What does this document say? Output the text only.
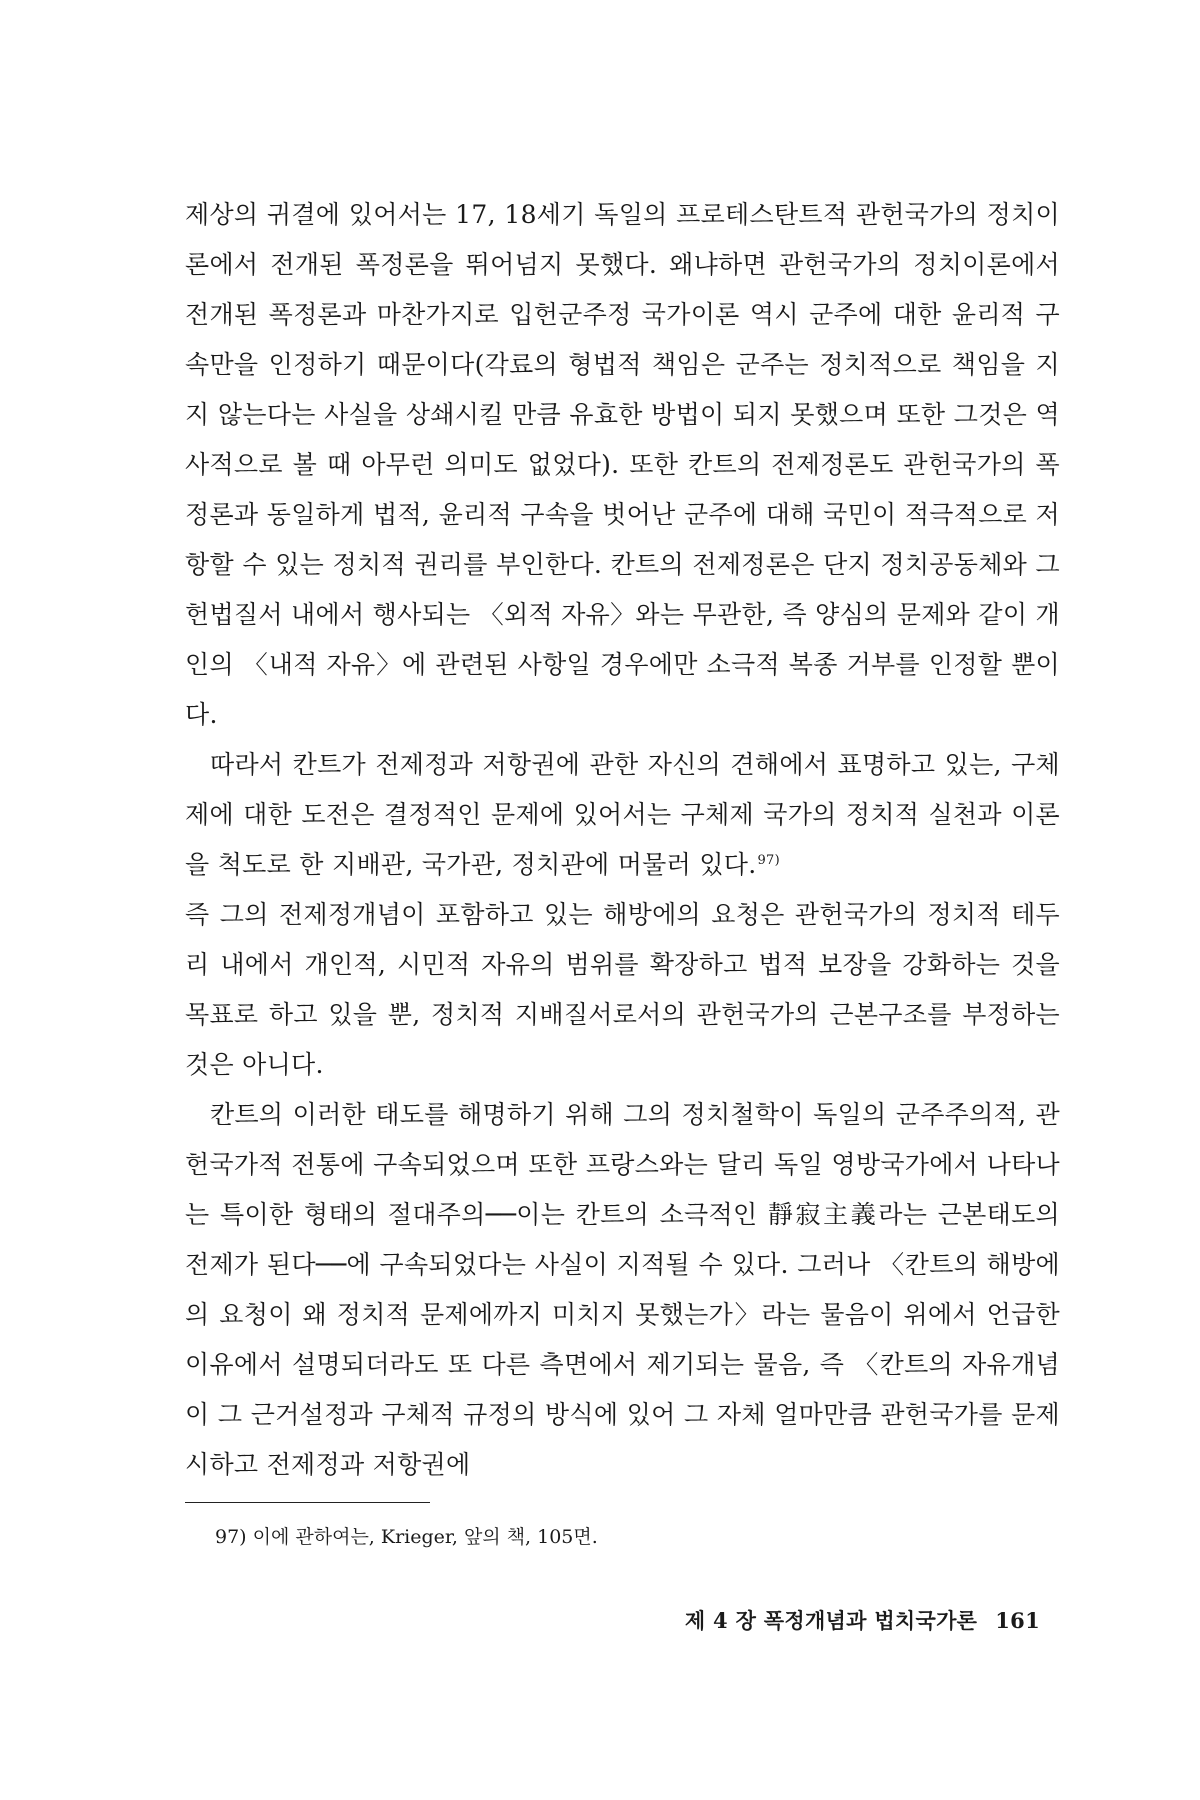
제상의 귀결에 있어서는 17, 18세기 독일의 프로테스탄트적 관헌국가의 정치이론에서 전개된 폭정론을 뛰어넘지 못했다. 왜냐하면 관헌국가의 정치이론에서 전개된 폭정론과 마찬가지로 입헌군주정 국가이론 역시 군주에 대한 윤리적 구속만을 인정하기 때문이다(각료의 형법적 책임은 군주는 정치적으로 책임을 지지 않는다는 사실을 상쇄시킬 만큼 유효한 방법이 되지 못했으며 또한 그것은 역사적으로 볼 때 아무런 의미도 없었다). 또한 칸트의 전제정론도 관헌국가의 폭정론과 동일하게 법적, 윤리적 구속을 벗어난 군주에 대해 국민이 적극적으로 저항할 수 있는 정치적 권리를 부인한다. 칸트의 전제정론은 단지 정치공동체와 그 헌법질서 내에서 행사되는 〈외적 자유〉와는 무관한, 즉 양심의 문제와 같이 개인의 〈내적 자유〉에 관련된 사항일 경우에만 소극적 복종 거부를 인정할 뿐이다.

따라서 칸트가 전제정과 저항권에 관한 자신의 견해에서 표명하고 있는, 구체제에 대한 도전은 결정적인 문제에 있어서는 구체제 국가의 정치적 실천과 이론을 척도로 한 지배관, 국가관, 정치관에 머물러 있다.$^{97)}$

즉 그의 전제정개념이 포함하고 있는 해방에의 요청은 관헌국가의 정치적 테두리 내에서 개인적, 시민적 자유의 범위를 확장하고 법적 보장을 강화하는 것을 목표로 하고 있을 뿐, 정치적 지배질서로서의 관헌국가의 근본구조를 부정하는 것은 아니다.

칸트의 이러한 태도를 해명하기 위해 그의 정치철학이 독일의 군주주의적, 관헌국가적 전통에 구속되었으며 또한 프랑스와는 달리 독일 영방국가에서 나타나는 특이한 형태의 절대주의──이는 칸트의 소극적인 靜寂主義라는 근본태도의 전제가 된다──에 구속되었다는 사실이 지적될 수 있다. 그러나 〈칸트의 해방에의 요청이 왜 정치적 문제에까지 미치지 못했는가〉라는 물음이 위에서 언급한 이유에서 설명되더라도 또 다른 측면에서 제기되는 물음, 즉 〈칸트의 자유개념이 그 근거설정과 구체적 규정의 방식에 있어 그 자체 얼마만큼 관헌국가를 문제시하고 전제정과 저항권에

97) 이에 관하여는, Krieger, 앞의 책, 105면.
제 4 장 폭정개념과 법치국가론 161
